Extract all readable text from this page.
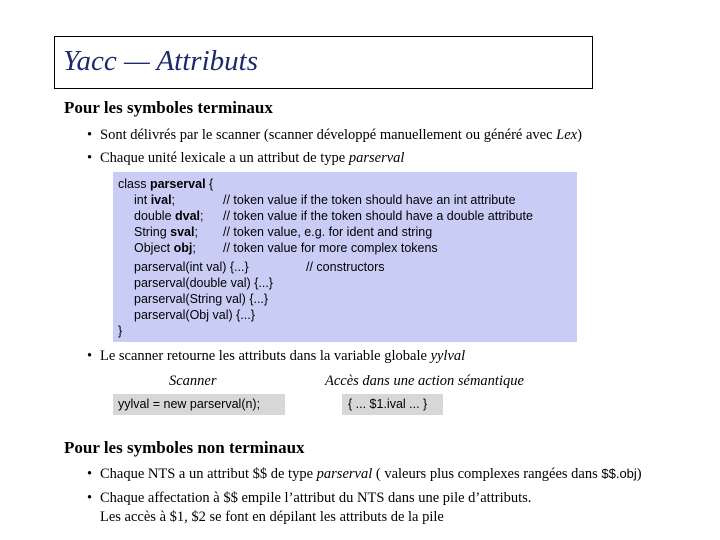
Yacc — Attributs
Pour les symboles terminaux
• Sont délivrés par le scanner (scanner développé manuellement ou généré avec Lex)
• Chaque unité lexicale a un attribut de type parserval
class parserval {
int ival;	// token value if the token should have an int attribute
double dval; // token value if the token should have a double attribute
String sval; // token value, e.g. for ident and string
Object obj; // token value for more complex tokens
parserval(int val) {...}	// constructors
parserval(double val) {...}
parserval(String val) {...}
parserval(Obj val) {...}
}
• Le scanner retourne les attributs dans la variable globale yylval
Scanner	Accès dans une action sémantique
yylval = new parserval(n);	{ ... $1.ival ... }
Pour les symboles non terminaux
• Chaque NTS a un attribut $$ de type parserval ( valeurs plus complexes rangées dans $$.obj)
• Chaque affectation à $$ empile l’attribut du NTS dans une pile d’attributs.
Les accès à $1, $2 se font en dépilant les attributs de la pile
